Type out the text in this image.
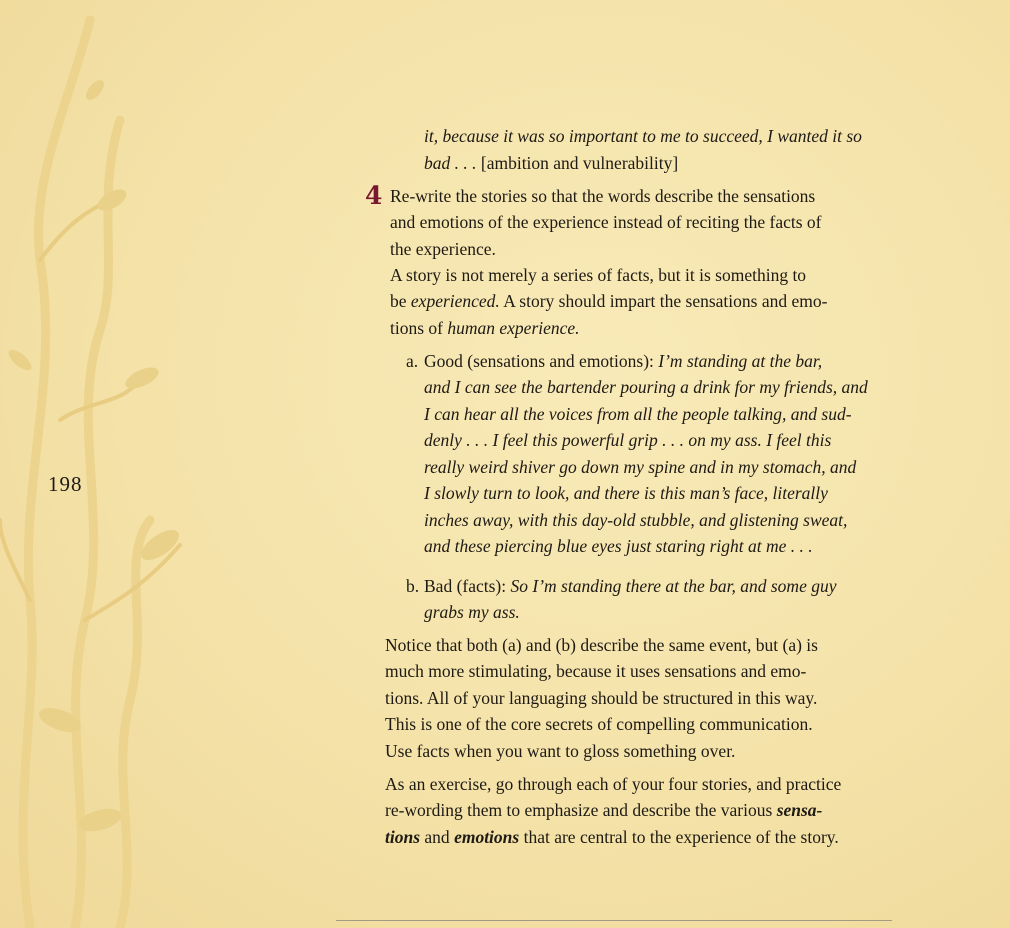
198

it, because it was so important to me to succeed, I wanted it so

bad . . . [ambition and vulnerability]

4 Re-write the stories so that the words describe the sensations

and emotions of the experience instead of reciting the facts of

the experience.

A story is not merely a series of facts, but it is something to

be experienced. A story should impart the sensations and emo-

tions of human experience.

a. Good (sensations and emotions): I’m standing at the bar,

and I can see the bartender pouring a drink for my friends, and

I can hear all the voices from all the people talking, and sud-

denly . . . I feel this powerful grip . . . on my ass. I feel this

really weird shiver go down my spine and in my stomach, and

I slowly turn to look, and there is this man’s face, literally

inches away, with this day-old stubble, and glistening sweat,

and these piercing blue eyes just staring right at me . . .

b. Bad (facts): So I’m standing there at the bar, and some guy

grabs my ass.

Notice that both (a) and (b) describe the same event, but (a) is

much more stimulating, because it uses sensations and emo-

tions. All of your languaging should be structured in this way.

This is one of the core secrets of compelling communication.

Use facts when you want to gloss something over.

As an exercise, go through each of your four stories, and practice

re-wording them to emphasize and describe the various sensa-

tions and emotions that are central to the experience of the story.
